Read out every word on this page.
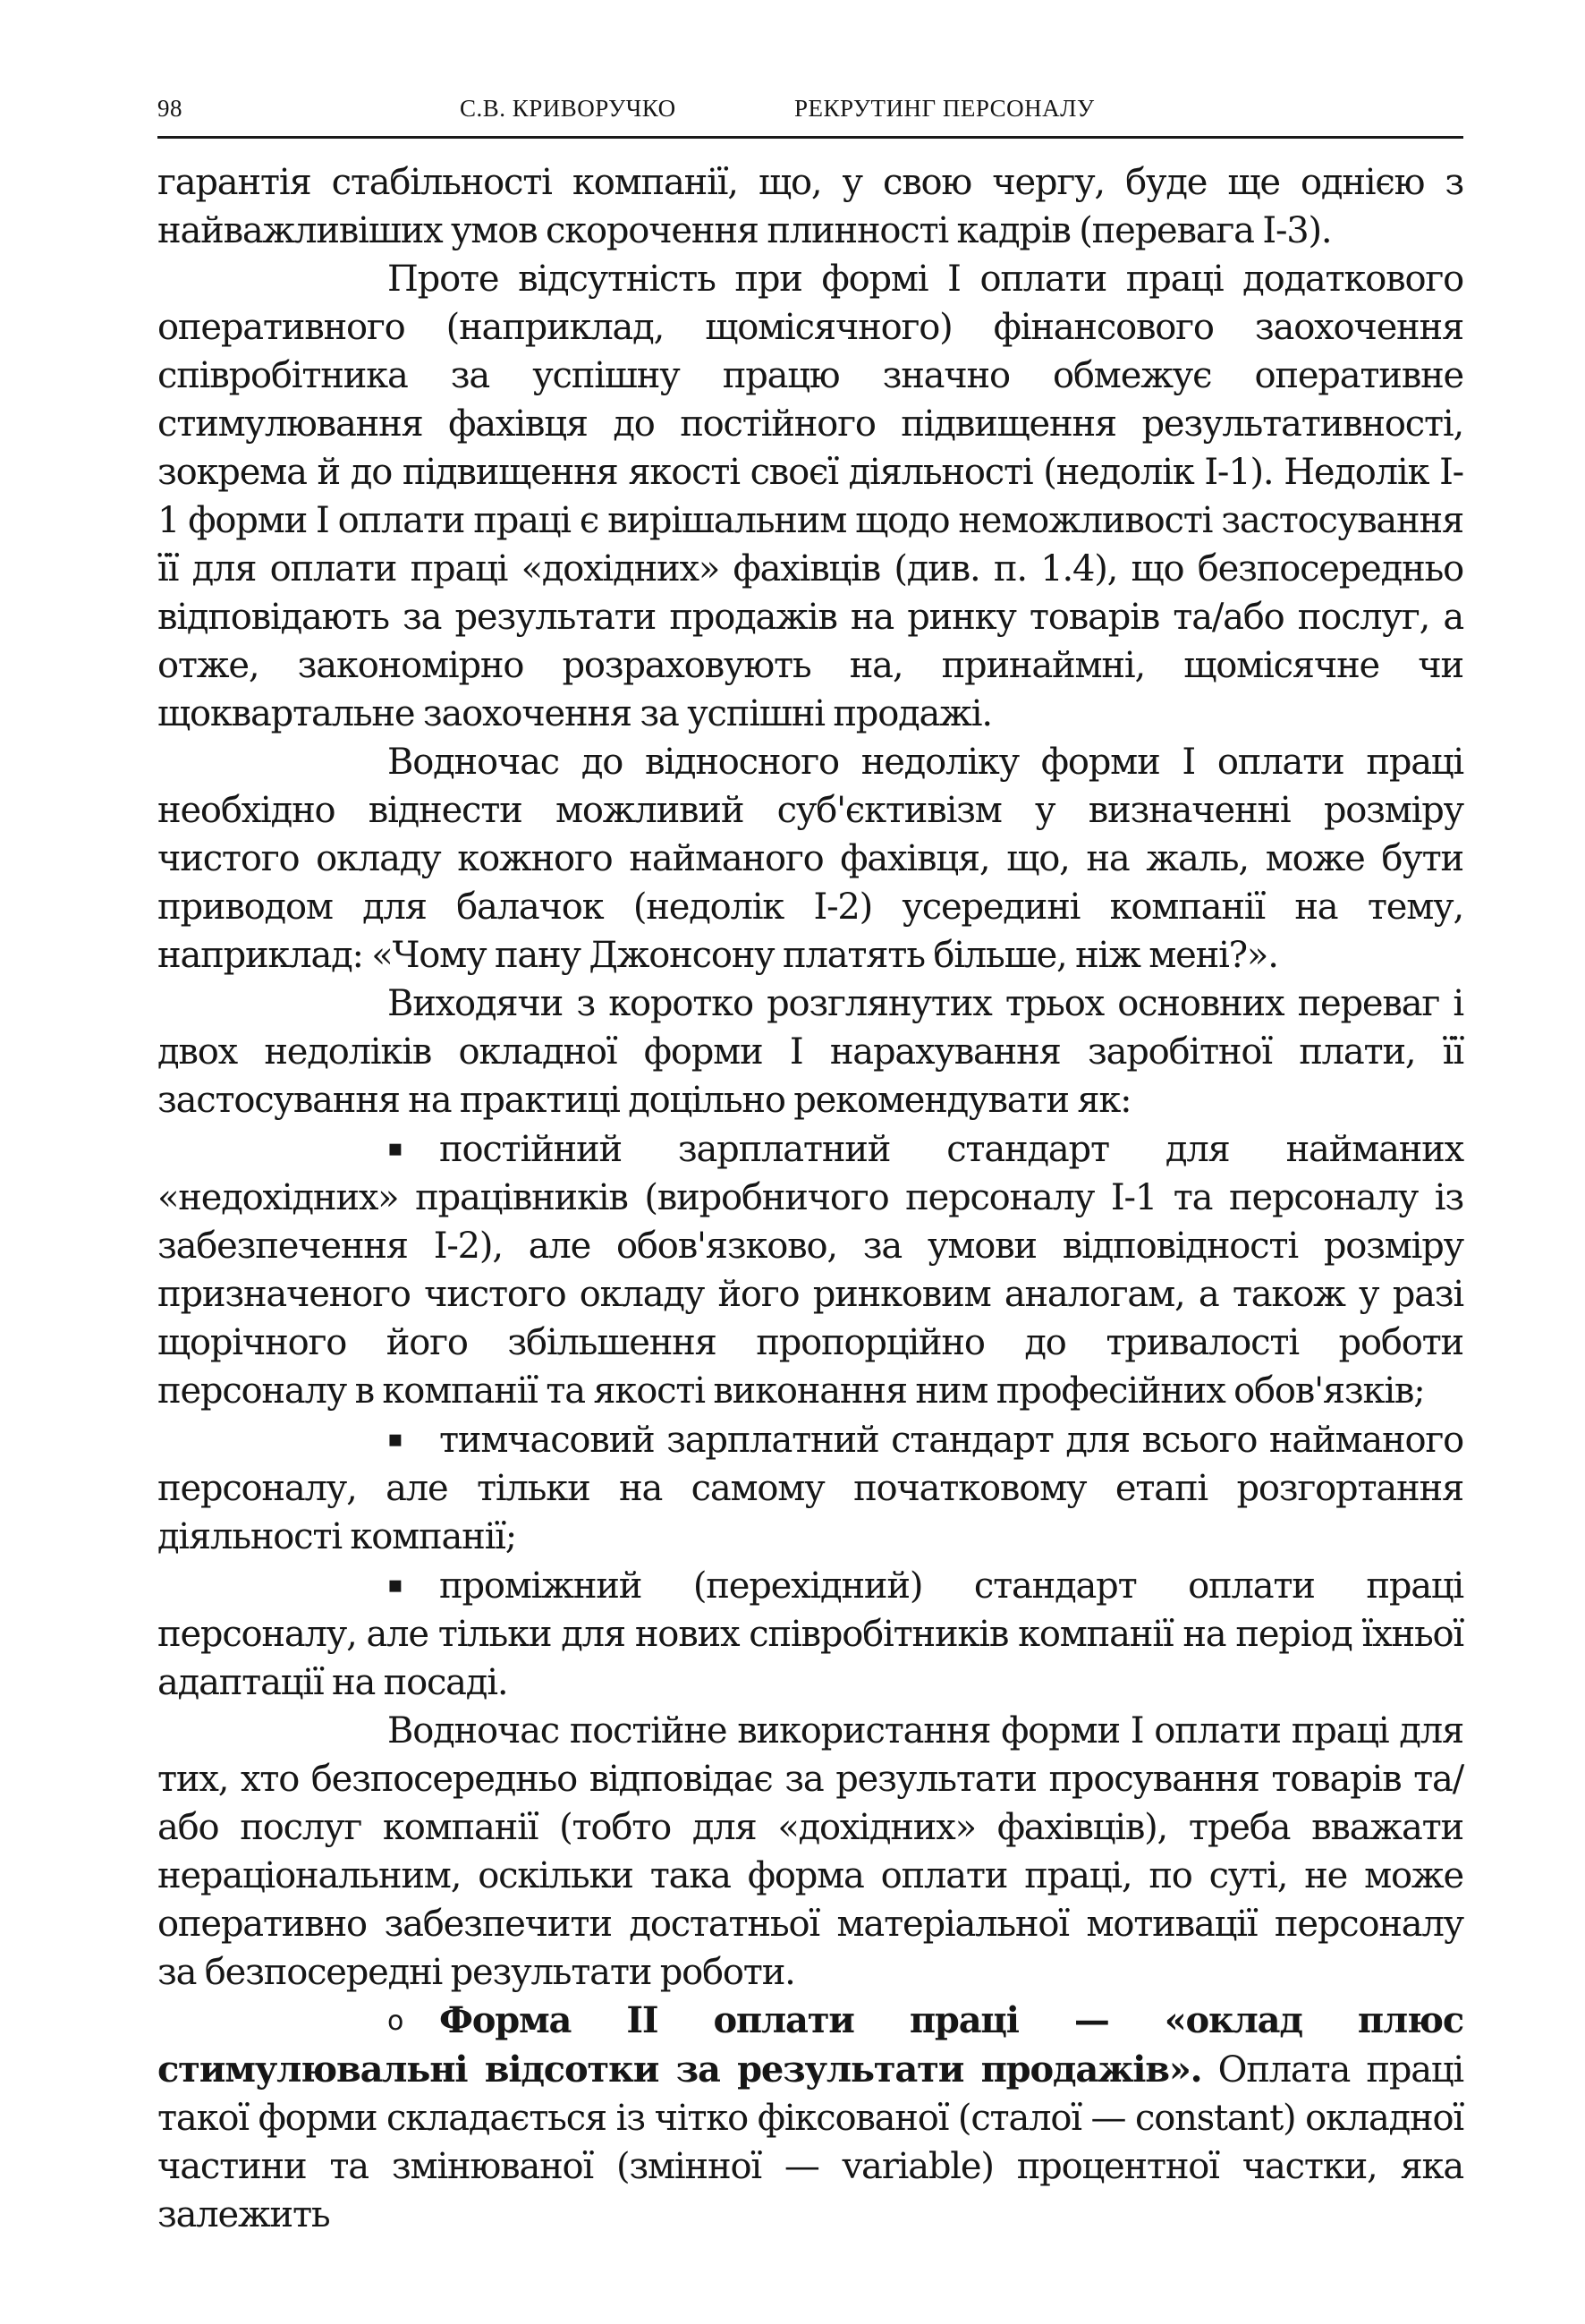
98	С.В. КРИВОРУЧКО	РЕКРУТИНГ ПЕРСОНАЛУ

гарантія стабільності компанії, що, у свою чергу, буде ще однією з найважливіших умов скорочення плинності кадрів (перевага I-3).

Проте відсутність при формі I оплати праці додаткового оперативного (наприклад, щомісячного) фінансового заохочення співробітника за успішну працю значно обмежує оперативне стимулювання фахівця до постійного підвищення результативності, зокрема й до підвищення якості своєї діяльності (недолік I-1). Недолік I-1 форми I оплати праці є вирішальним щодо неможливості застосування її для оплати праці «дохідних» фахівців (див. п. 1.4), що безпосередньо відповідають за результати продажів на ринку товарів та/або послуг, а отже, закономірно розраховують на, принаймні, щомісячне чи щоквартальне заохочення за успішні продажі.

Водночас до відносного недоліку форми I оплати праці необхідно віднести можливий суб'єктивізм у визначенні розміру чистого окладу кожного найманого фахівця, що, на жаль, може бути приводом для балачок (недолік I-2) усередині компанії на тему, наприклад: «Чому пану Джонсону платять більше, ніж мені?».

Виходячи з коротко розглянутих трьох основних переваг і двох недоліків окладної форми I нарахування заробітної плати, її застосування на практиці доцільно рекомендувати як:

▪ постійний зарплатний стандарт для найманих «недохідних» працівників (виробничого персоналу I-1 та персоналу із забезпечення I-2), але обов'язково, за умови відповідності розміру призначеного чистого окладу його ринковим аналогам, а також у разі щорічного його збільшення пропорційно до тривалості роботи персоналу в компанії та якості виконання ним професійних обов'язків;

▪ тимчасовий зарплатний стандарт для всього найманого персоналу, але тільки на самому початковому етапі розгортання діяльності компанії;

▪ проміжний (перехідний) стандарт оплати праці персоналу, але тільки для нових співробітників компанії на період їхньої адаптації на посаді.

Водночас постійне використання форми I оплати праці для тих, хто безпосередньо відповідає за результати просування товарів та/або послуг компанії (тобто для «дохідних» фахівців), треба вважати нераціональним, оскільки така форма оплати праці, по суті, не може оперативно забезпечити достатньої матеріальної мотивації персоналу за безпосередні результати роботи.

o Форма II оплати праці — «оклад плюс стимулювальні відсотки за результати продажів». Оплата праці такої форми складається із чітко фіксованої (сталої — constant) окладної частини та змінюваної (змінної — variable) процентної частки, яка залежить
